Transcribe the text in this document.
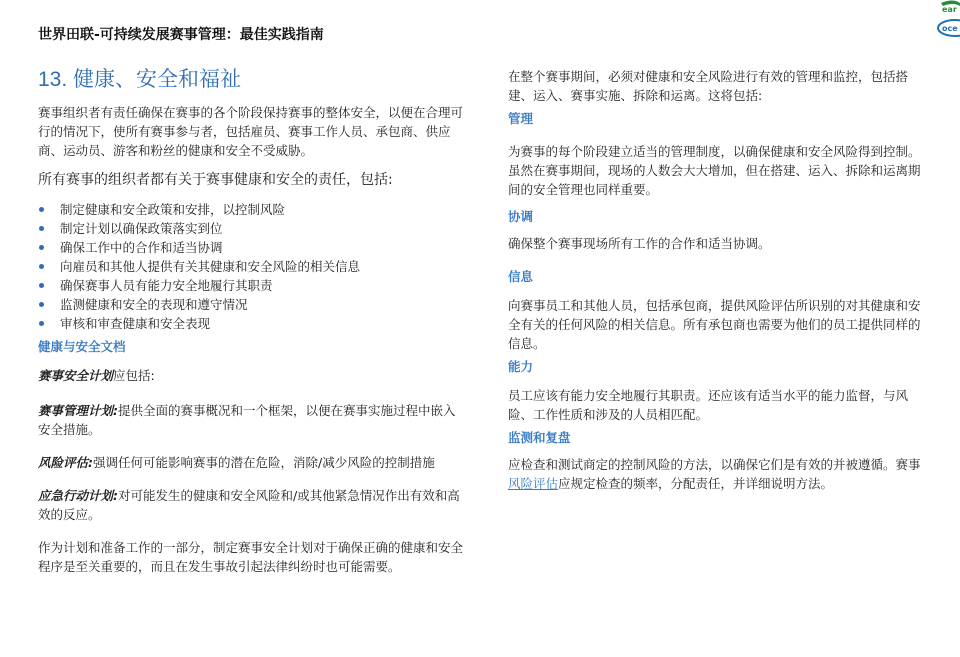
世界田联-可持续发展赛事管理：最佳实践指南
ear
oce
13. 健康、安全和福祉

赛事组织者有责任确保在赛事的各个阶段保持赛事的整体安全，以便在合理可行的情况下，使所有赛事参与者，包括雇员、赛事工作人员、承包商、供应商、运动员、游客和粉丝的健康和安全不受威胁。

所有赛事的组织者都有关于赛事健康和安全的责任，包括:

制定健康和安全政策和安排，以控制风险
制定计划以确保政策落实到位
确保工作中的合作和适当协调
向雇员和其他人提供有关其健康和安全风险的相关信息
确保赛事人员有能力安全地履行其职责
监测健康和安全的表现和遵守情况
审核和审查健康和安全表现
健康与安全文档

赛事安全计划应包括:

赛事管理计划:提供全面的赛事概况和一个框架，以便在赛事实施过程中嵌入安全措施。

风险评估:强调任何可能影响赛事的潜在危险，消除/减少风险的控制措施

应急行动计划:对可能发生的健康和安全风险和/或其他紧急情况作出有效和高效的反应。

作为计划和准备工作的一部分，制定赛事安全计划对于确保正确的健康和安全程序是至关重要的，而且在发生事故引起法律纠纷时也可能需要。

在整个赛事期间，必须对健康和安全风险进行有效的管理和监控，包括搭建、运入、赛事实施、拆除和运离。这将包括:

管理

为赛事的每个阶段建立适当的管理制度，以确保健康和安全风险得到控制。虽然在赛事期间，现场的人数会大大增加，但在搭建、运入、拆除和运离期间的安全管理也同样重要。

协调

确保整个赛事现场所有工作的合作和适当协调。

信息

向赛事员工和其他人员，包括承包商，提供风险评估所识别的对其健康和安全有关的任何风险的相关信息。所有承包商也需要为他们的员工提供同样的信息。

能力

员工应该有能力安全地履行其职责。还应该有适当水平的能力监督，与风险、工作性质和涉及的人员相匹配。

监测和复盘

应检查和测试商定的控制风险的方法，以确保它们是有效的并被遵循。赛事风险评估应规定检查的频率，分配责任，并详细说明方法。
